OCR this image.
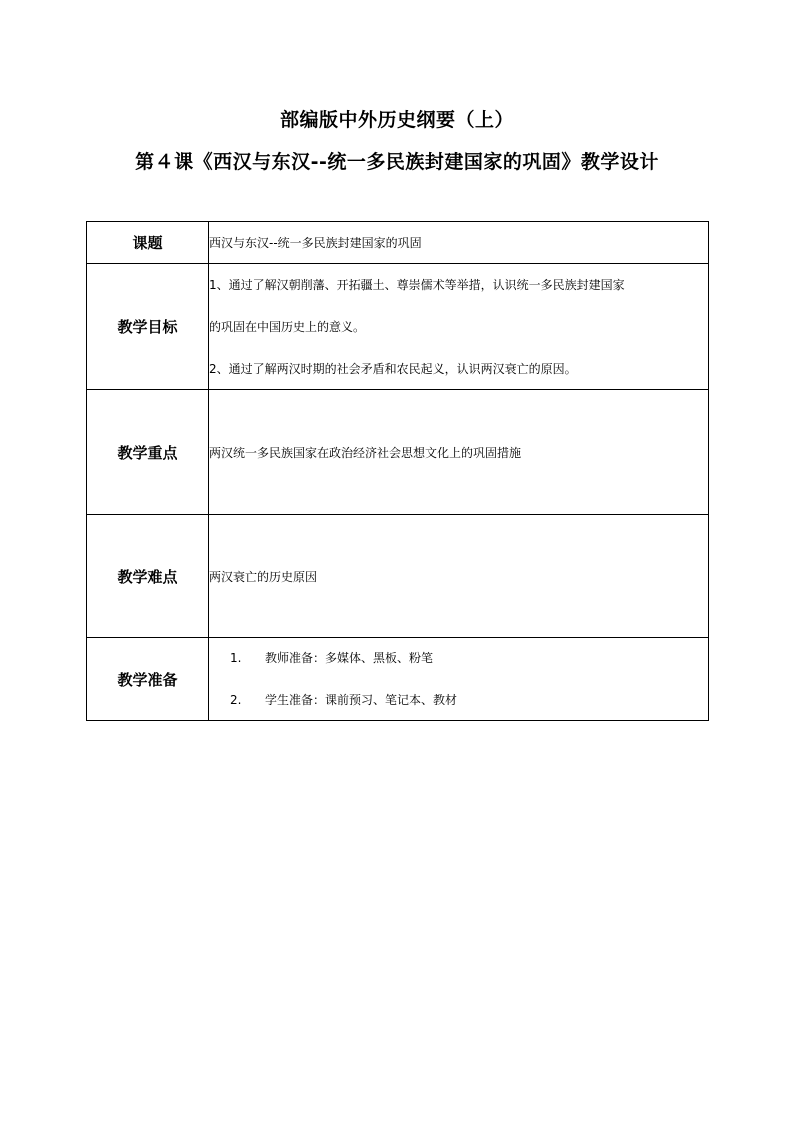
部编版中外历史纲要（上）
第４课《西汉与东汉--统一多民族封建国家的巩固》教学设计
课题	西汉与东汉--统一多民族封建国家的巩固

教学目标	1、通过了解汉朝削藩、开拓疆土、尊崇儒术等举措，认识统一多民族封建国家
的巩固在中国历史上的意义。
2、通过了解两汉时期的社会矛盾和农民起义，认识两汉衰亡的原因。

教学重点	两汉统一多民族国家在政治经济社会思想文化上的巩固措施

教学难点	两汉衰亡的历史原因

教学准备	1. 教师准备：多媒体、黑板、粉笔
2. 学生准备：课前预习、笔记本、教材
